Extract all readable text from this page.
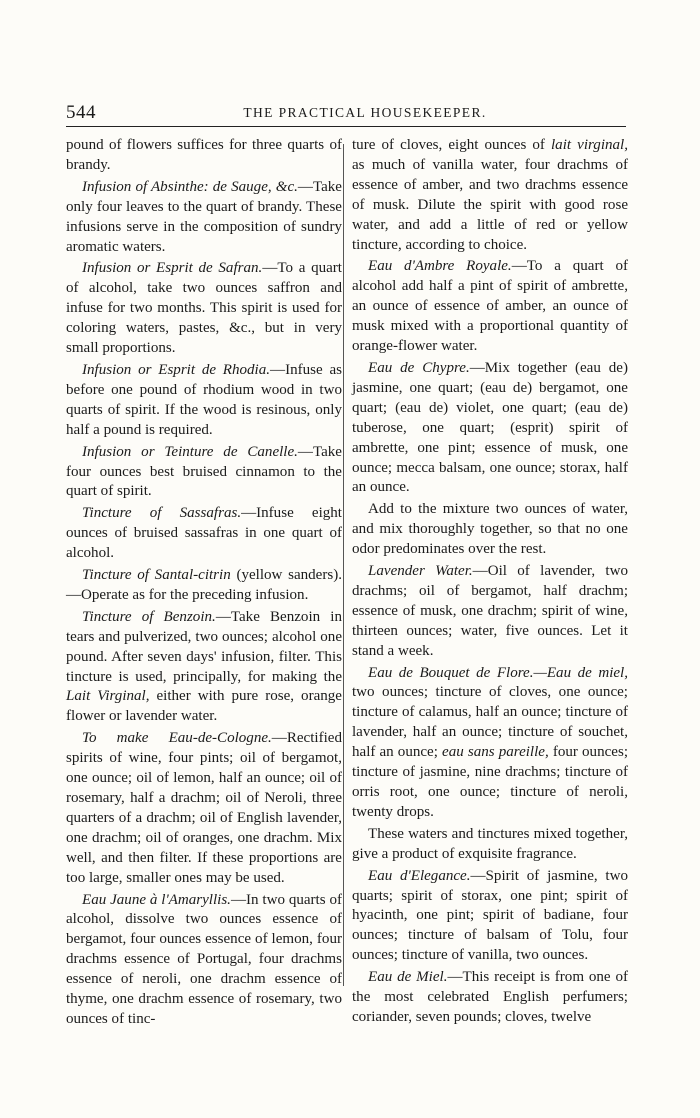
544	THE PRACTICAL HOUSEKEEPER.

pound of flowers suffices for three quarts of brandy.

Infusion of Absinthe: de Sauge, &c.—Take only four leaves to the quart of brandy. These infusions serve in the composition of sundry aromatic waters.

Infusion or Esprit de Safran.—To a quart of alcohol, take two ounces saffron and infuse for two months. This spirit is used for coloring waters, pastes, &c., but in very small proportions.

Infusion or Esprit de Rhodia.—Infuse as before one pound of rhodium wood in two quarts of spirit. If the wood is resinous, only half a pound is required.

Infusion or Teinture de Canelle.—Take four ounces best bruised cinnamon to the quart of spirit.

Tincture of Sassafras.—Infuse eight ounces of bruised sassafras in one quart of alcohol.

Tincture of Santal-citrin (yellow sanders).—Operate as for the preceding infusion.

Tincture of Benzoin.—Take Benzoin in tears and pulverized, two ounces; alcohol one pound. After seven days' infusion, filter. This tincture is used, principally, for making the Lait Virginal, either with pure rose, orange flower or lavender water.

To make Eau-de-Cologne.—Rectified spirits of wine, four pints; oil of bergamot, one ounce; oil of lemon, half an ounce; oil of rosemary, half a drachm; oil of Neroli, three quarters of a drachm; oil of English lavender, one drachm; oil of oranges, one drachm. Mix well, and then filter. If these proportions are too large, smaller ones may be used.

Eau Jaune à l'Amaryllis.—In two quarts of alcohol, dissolve two ounces essence of bergamot, four ounces essence of lemon, four drachms essence of Portugal, four drachms essence of neroli, one drachm essence of thyme, one drachm essence of rosemary, two ounces of tinc-

ture of cloves, eight ounces of lait virginal, as much of vanilla water, four drachms of essence of amber, and two drachms essence of musk. Dilute the spirit with good rose water, and add a little of red or yellow tincture, according to choice.

Eau d'Ambre Royale.—To a quart of alcohol add half a pint of spirit of ambrette, an ounce of essence of amber, an ounce of musk mixed with a proportional quantity of orange-flower water.

Eau de Chypre.—Mix together (eau de) jasmine, one quart; (eau de) bergamot, one quart; (eau de) violet, one quart; (eau de) tuberose, one quart; (esprit) spirit of ambrette, one pint; essence of musk, one ounce; mecca balsam, one ounce; storax, half an ounce.

Add to the mixture two ounces of water, and mix thoroughly together, so that no one odor predominates over the rest.

Lavender Water.—Oil of lavender, two drachms; oil of bergamot, half drachm; essence of musk, one drachm; spirit of wine, thirteen ounces; water, five ounces. Let it stand a week.

Eau de Bouquet de Flore.—Eau de miel, two ounces; tincture of cloves, one ounce; tincture of calamus, half an ounce; tincture of lavender, half an ounce; tincture of souchet, half an ounce; eau sans pareille, four ounces; tincture of jasmine, nine drachms; tincture of orris root, one ounce; tincture of neroli, twenty drops.

These waters and tinctures mixed together, give a product of exquisite fragrance.

Eau d'Elegance.—Spirit of jasmine, two quarts; spirit of storax, one pint; spirit of hyacinth, one pint; spirit of badiane, four ounces; tincture of balsam of Tolu, four ounces; tincture of vanilla, two ounces.

Eau de Miel.—This receipt is from one of the most celebrated English perfumers; coriander, seven pounds; cloves, twelve
